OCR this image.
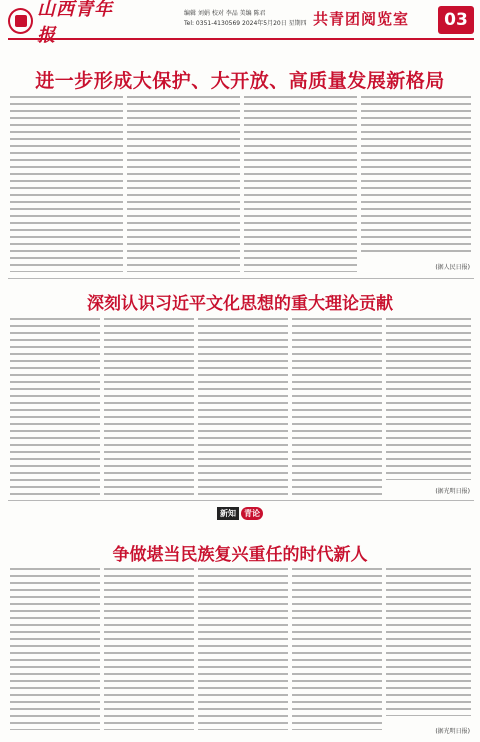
山西青年报
编辑 刘娟 校对 李品 美编 陈君
Tel: 0351-4130569 2024年5月20日 星期四 共青团阅览室	03
进一步形成大保护、大开放、高质量发展新格局
(据人民日报)
深刻认识习近平文化思想的重大理论贡献
(据光明日报)
新知	青论
争做堪当民族复兴重任的时代新人
(据光明日报)
